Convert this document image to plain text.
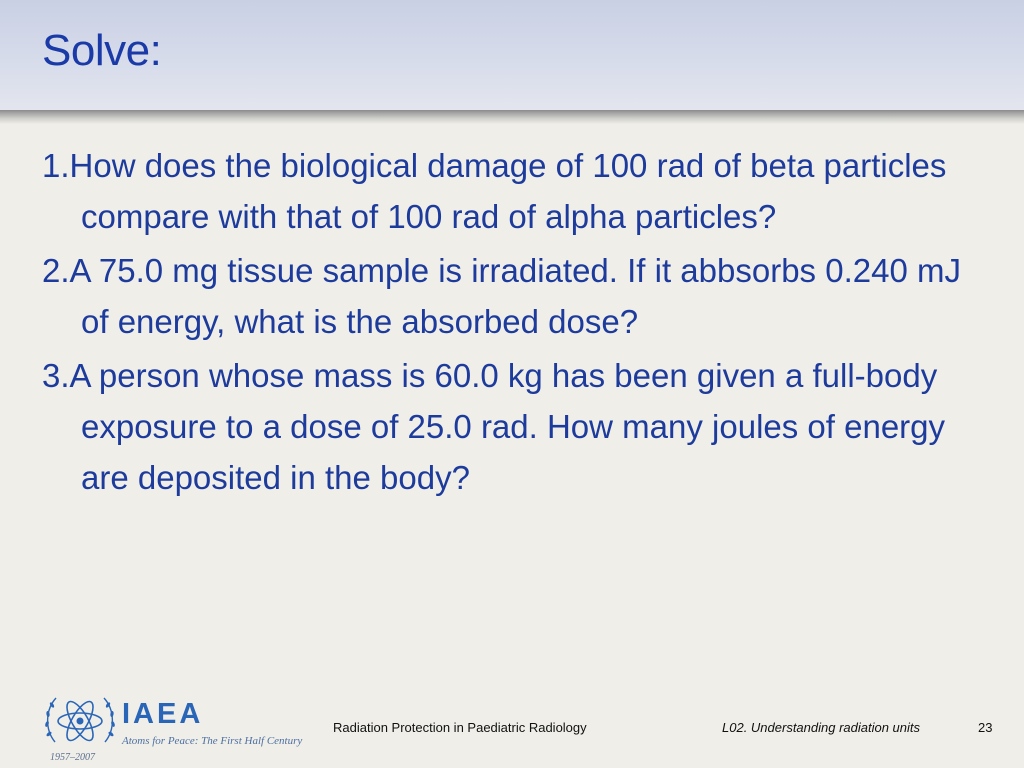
Solve:
1.How does the biological damage of 100 rad of beta particles compare with that of 100 rad of alpha particles?
2.A 75.0 mg tissue sample is irradiated. If it abbsorbs 0.240 mJ of energy, what is the absorbed dose?
3.A person whose mass is 60.0 kg has been given a full-body exposure to a dose of 25.0 rad. How many joules of energy are deposited in the body?
IAEA
Atoms for Peace: The First Half Century
1957–2007
Radiation Protection in Paediatric Radiology	L02. Understanding radiation units	23
